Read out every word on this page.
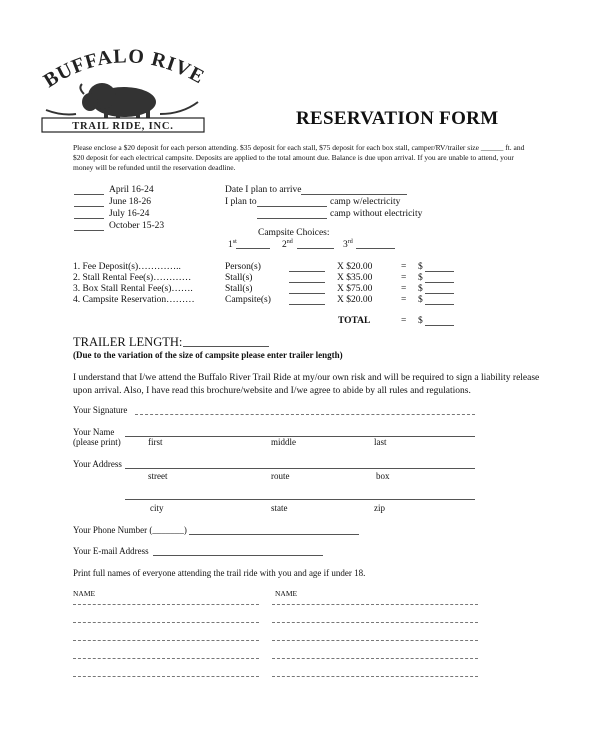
BUFFALO RIVE
TRAIL RIDE, INC.	RESERVATION FORM
Please enclose a $20 deposit for each person attending. $35 deposit for each stall, $75 deposit for each box stall, camper/RV/trailer size ______ ft. and
$20 deposit for each electrical campsite. Deposits are applied to the total amount due. Balance is due upon arrival. If you are unable to attend, your
money will be refunded until the reservation deadline.
April 16-24
June 18-26
July 16-24
October 15-23
Date I plan to arrive
I plan to	camp w/electricity
camp without electricity
Campsite Choices:
1st	2nd	3rd
1. Fee Deposit(s)…………..	Person(s)	X $20.00	= $
2. Stall Rental Fee(s)…………	Stall(s)	X $35.00	= $
3. Box Stall Rental Fee(s)…….	Stall(s)	X $75.00	= $
4. Campsite Reservation………	Campsite(s)	X $20.00	= $
TOTAL	= $
TRAILER LENGTH:
(Due to the variation of the size of campsite please enter trailer length)
I understand that I/we attend the Buffalo River Trail Ride at my/our own risk and will be required to sign a liability release
upon arrival. Also, I have read this brochure/website and I/we agree to abide by all rules and regulations.
Your Signature
Your Name
(please print)	first	middle	last
Your Address
street	route	box
city	state	zip
Your Phone Number (_______)
Your E-mail Address
Print full names of everyone attending the trail ride with you and age if under 18.
NAME	NAME
